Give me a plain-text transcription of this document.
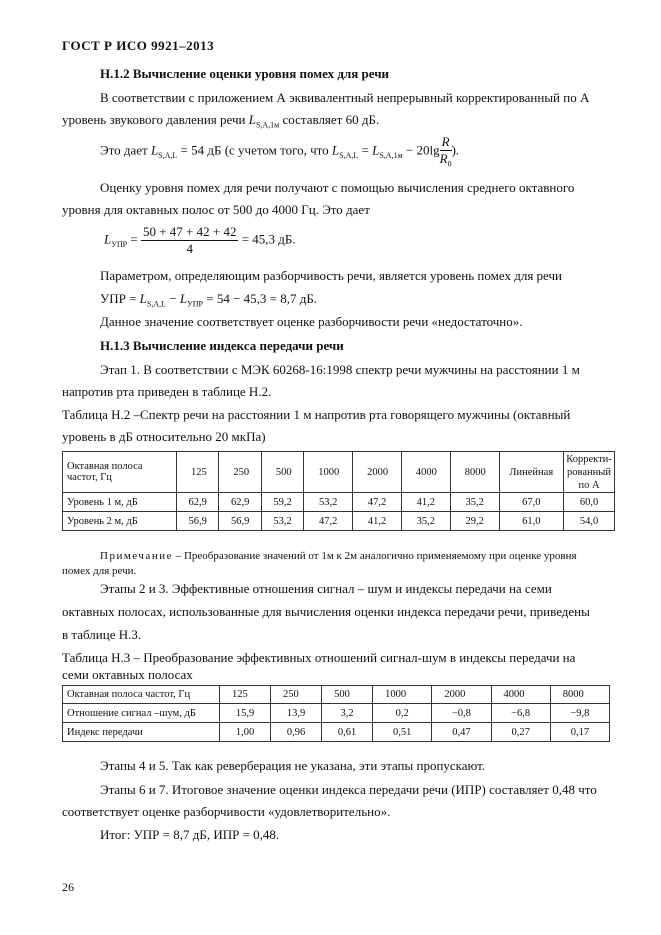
ГОСТ Р ИСО 9921–2013
Н.1.2 Вычисление оценки уровня помех для речи
В соответствии с приложением А эквивалентный непрерывный корректированный по А
уровень звукового давления речи $L_{S,A,1м}$ составляет 60 дБ.
Это дает $L_{S,A,L} = 54$ дБ (с учетом того, что $L_{S,A,L} = L_{S,A,1м} - 20\lg \frac{R}{R_0}$ ).
Оценку уровня помех для речи получают с помощью вычисления среднего октавного
уровня для октавных полос от 500 до 4000 Гц. Это дает
$L_{УПР} = \frac{50 + 47 + 42 + 42}{4} = 45,3$ дБ.
Параметром, определяющим разборчивость речи, является уровень помех для речи
УПР = $L_{S,A,L} - L_{УПР} = 54 - 45,3 = 8,7$ дБ.
Данное значение соответствует оценке разборчивости речи «недостаточно».
Н.1.3 Вычисление индекса передачи речи
Этап 1. В соответствии с МЭК 60268-16:1998 спектр речи мужчины на расстоянии 1 м
напротив рта приведен в таблице Н.2.
Таблица Н.2 –Спектр речи на расстоянии 1 м напротив рта говорящего мужчины (октавный
уровень в дБ относительно 20 мкПа)
Октавная полоса частот, Гц	125	250	500	1000	2000	4000	8000	Линейная	Корректи-рованный по А
Уровень 1 м, дБ	62,9	62,9	59,2	53,2	47,2	41,2	35,2	67,0	60,0
Уровень 2 м, дБ	56,9	56,9	53,2	47,2	41,2	35,2	29,2	61,0	54,0
Примечание – Преобразование значений от 1м к 2м аналогично применяемому при оценке уровня
помех для речи.
Этапы 2 и 3. Эффективные отношения сигнал – шум и индексы передачи на семи
октавных полосах, использованные для вычисления оценки индекса передачи речи, приведены
в таблице Н.3.
Таблица Н.3 – Преобразование эффективных отношений сигнал-шум в индексы передачи на
семи октавных полосах
Октавная полоса частот, Гц	125	250	500	1000	2000	4000	8000
Отношение сигнал –шум, дБ	15,9	13,9	3,2	0,2	−0,8	−6,8	−9,8
Индекс передачи	1,00	0,96	0,61	0,51	0,47	0,27	0,17
Этапы 4 и 5. Так как реверберация не указана, эти этапы пропускают.
Этапы 6 и 7. Итоговое значение оценки индекса передачи речи (ИПР) составляет 0,48 что
соответствует оценке разборчивости «удовлетворительно».
Итог: УПР = 8,7 дБ, ИПР = 0,48.
26
